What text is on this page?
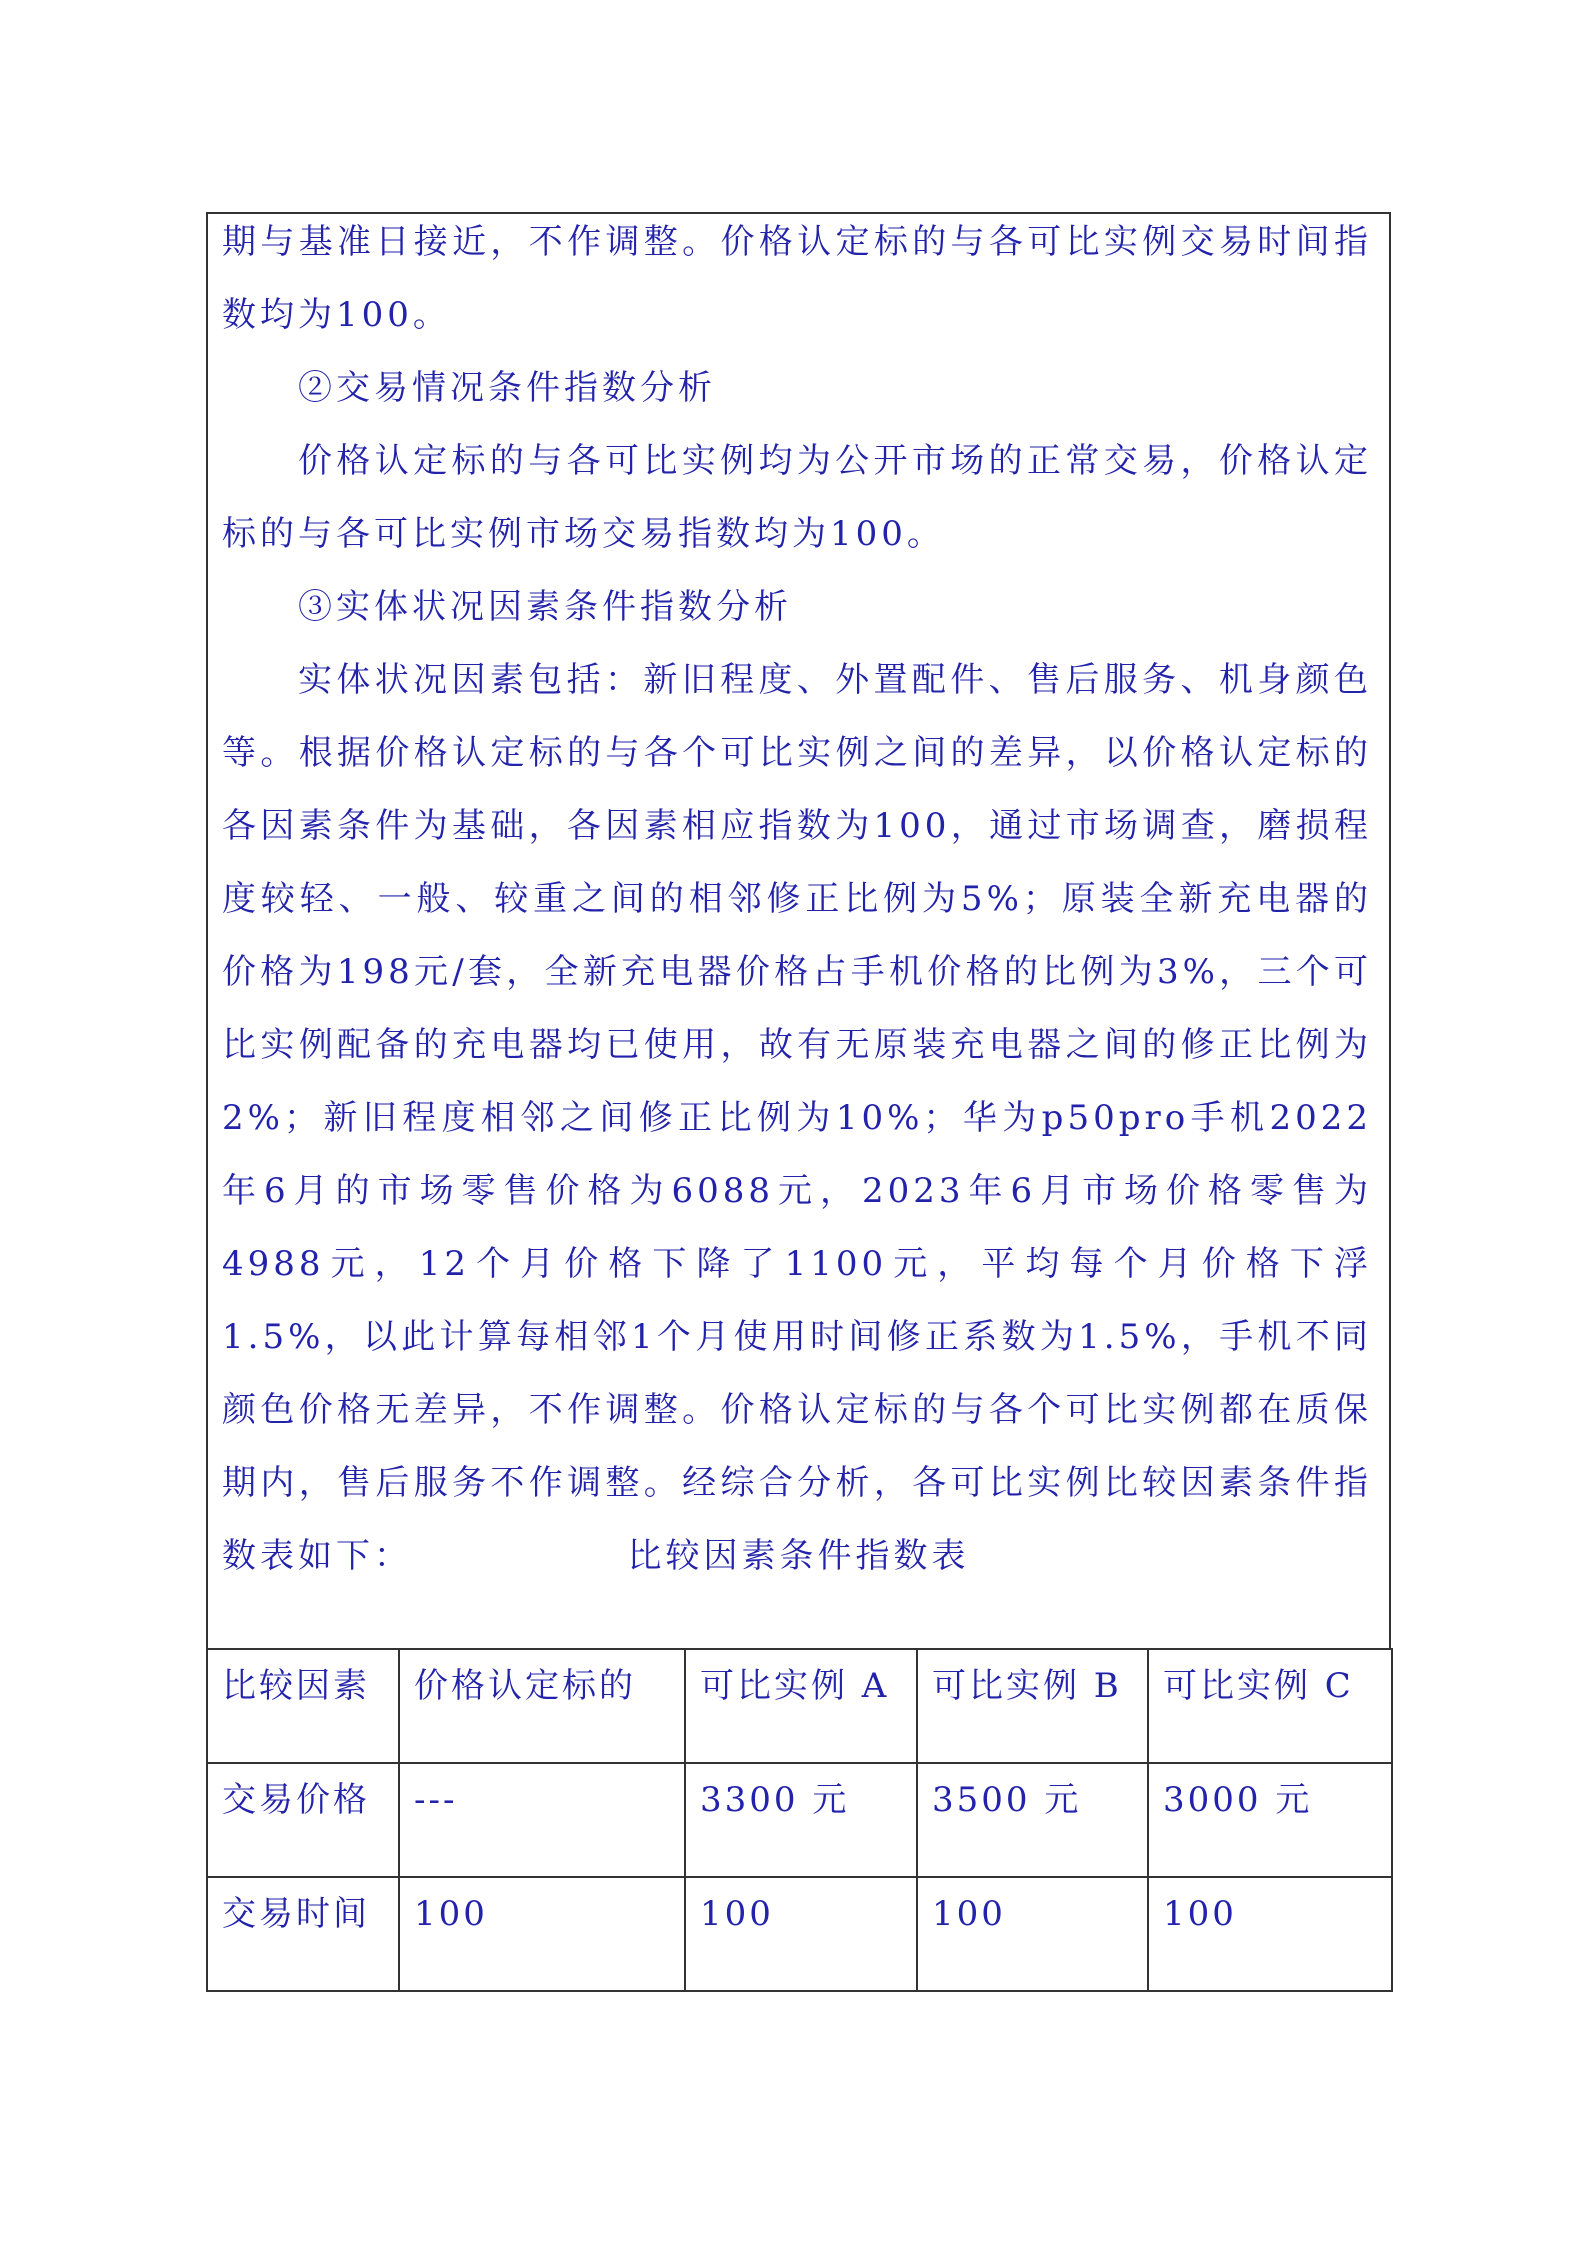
期与基准日接近，不作调整。价格认定标的与各可比实例交易时间指数均为100。

②交易情况条件指数分析

价格认定标的与各可比实例均为公开市场的正常交易，价格认定标的与各可比实例市场交易指数均为100。

③实体状况因素条件指数分析

实体状况因素包括：新旧程度、外置配件、售后服务、机身颜色等。根据价格认定标的与各个可比实例之间的差异，以价格认定标的各因素条件为基础，各因素相应指数为100，通过市场调查，磨损程度较轻、一般、较重之间的相邻修正比例为5%；原装全新充电器的价格为198元/套，全新充电器价格占手机价格的比例为3%，三个可比实例配备的充电器均已使用，故有无原装充电器之间的修正比例为2%；新旧程度相邻之间修正比例为10%；华为p50pro手机2022年6月的市场零售价格为6088元，2023年6月市场价格零售为4988元，12个月价格下降了1100元，平均每个月价格下浮1.5%，以此计算每相邻1个月使用时间修正系数为1.5%，手机不同颜色价格无差异，不作调整。价格认定标的与各个可比实例都在质保期内，售后服务不作调整。经综合分析，各可比实例比较因素条件指数表如下：	比较因素条件指数表
比较因素	价格认定标的	可比实例 A	可比实例 B	可比实例 C
交易价格	---	3300 元	3500 元	3000 元
交易时间	100	100	100	100
